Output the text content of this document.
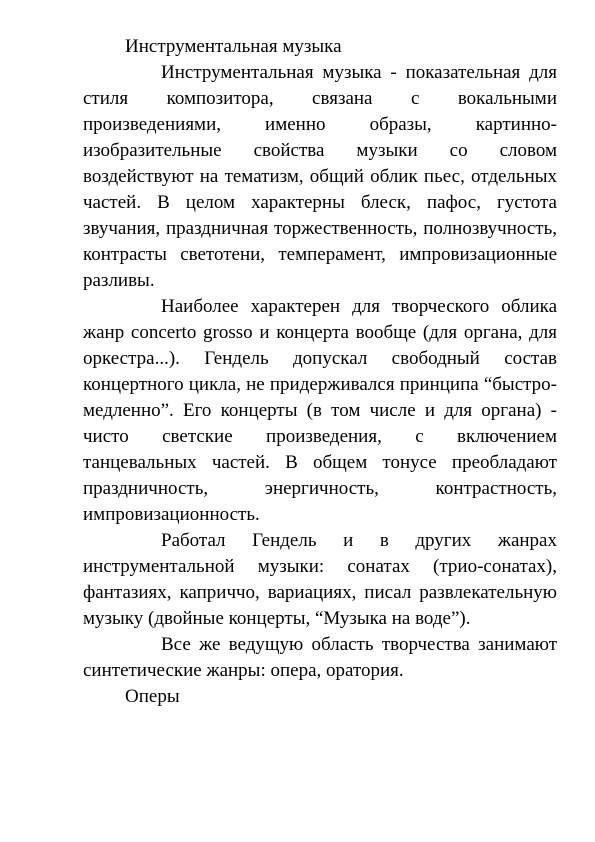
Инструментальная музыка

Инструментальная музыка - показательная для стиля композитора, связана с вокальными произведениями, именно образы, картинно-изобразительные свойства музыки со словом воздействуют на тематизм, общий облик пьес, отдельных частей. В целом характерны блеск, пафос, густота звучания, праздничная торжественность, полнозвучность, контрасты светотени, темперамент, импровизационные разливы.

Наиболее характерен для творческого облика жанр concerto grosso и концерта вообще (для органа, для оркестра...). Гендель допускал свободный состав концертного цикла, не придерживался принципа “быстро-медленно”. Его концерты (в том числе и для органа) - чисто светские произведения, с включением танцевальных частей. В общем тонусе преобладают праздничность, энергичность, контрастность, импровизационность.

Работал Гендель и в других жанрах инструментальной музыки: сонатах (трио-сонатах), фантазиях, каприччо, вариациях, писал развлекательную музыку (двойные концерты, “Музыка на воде”).

Все же ведущую область творчества занимают синтетические жанры: опера, оратория.

Оперы
